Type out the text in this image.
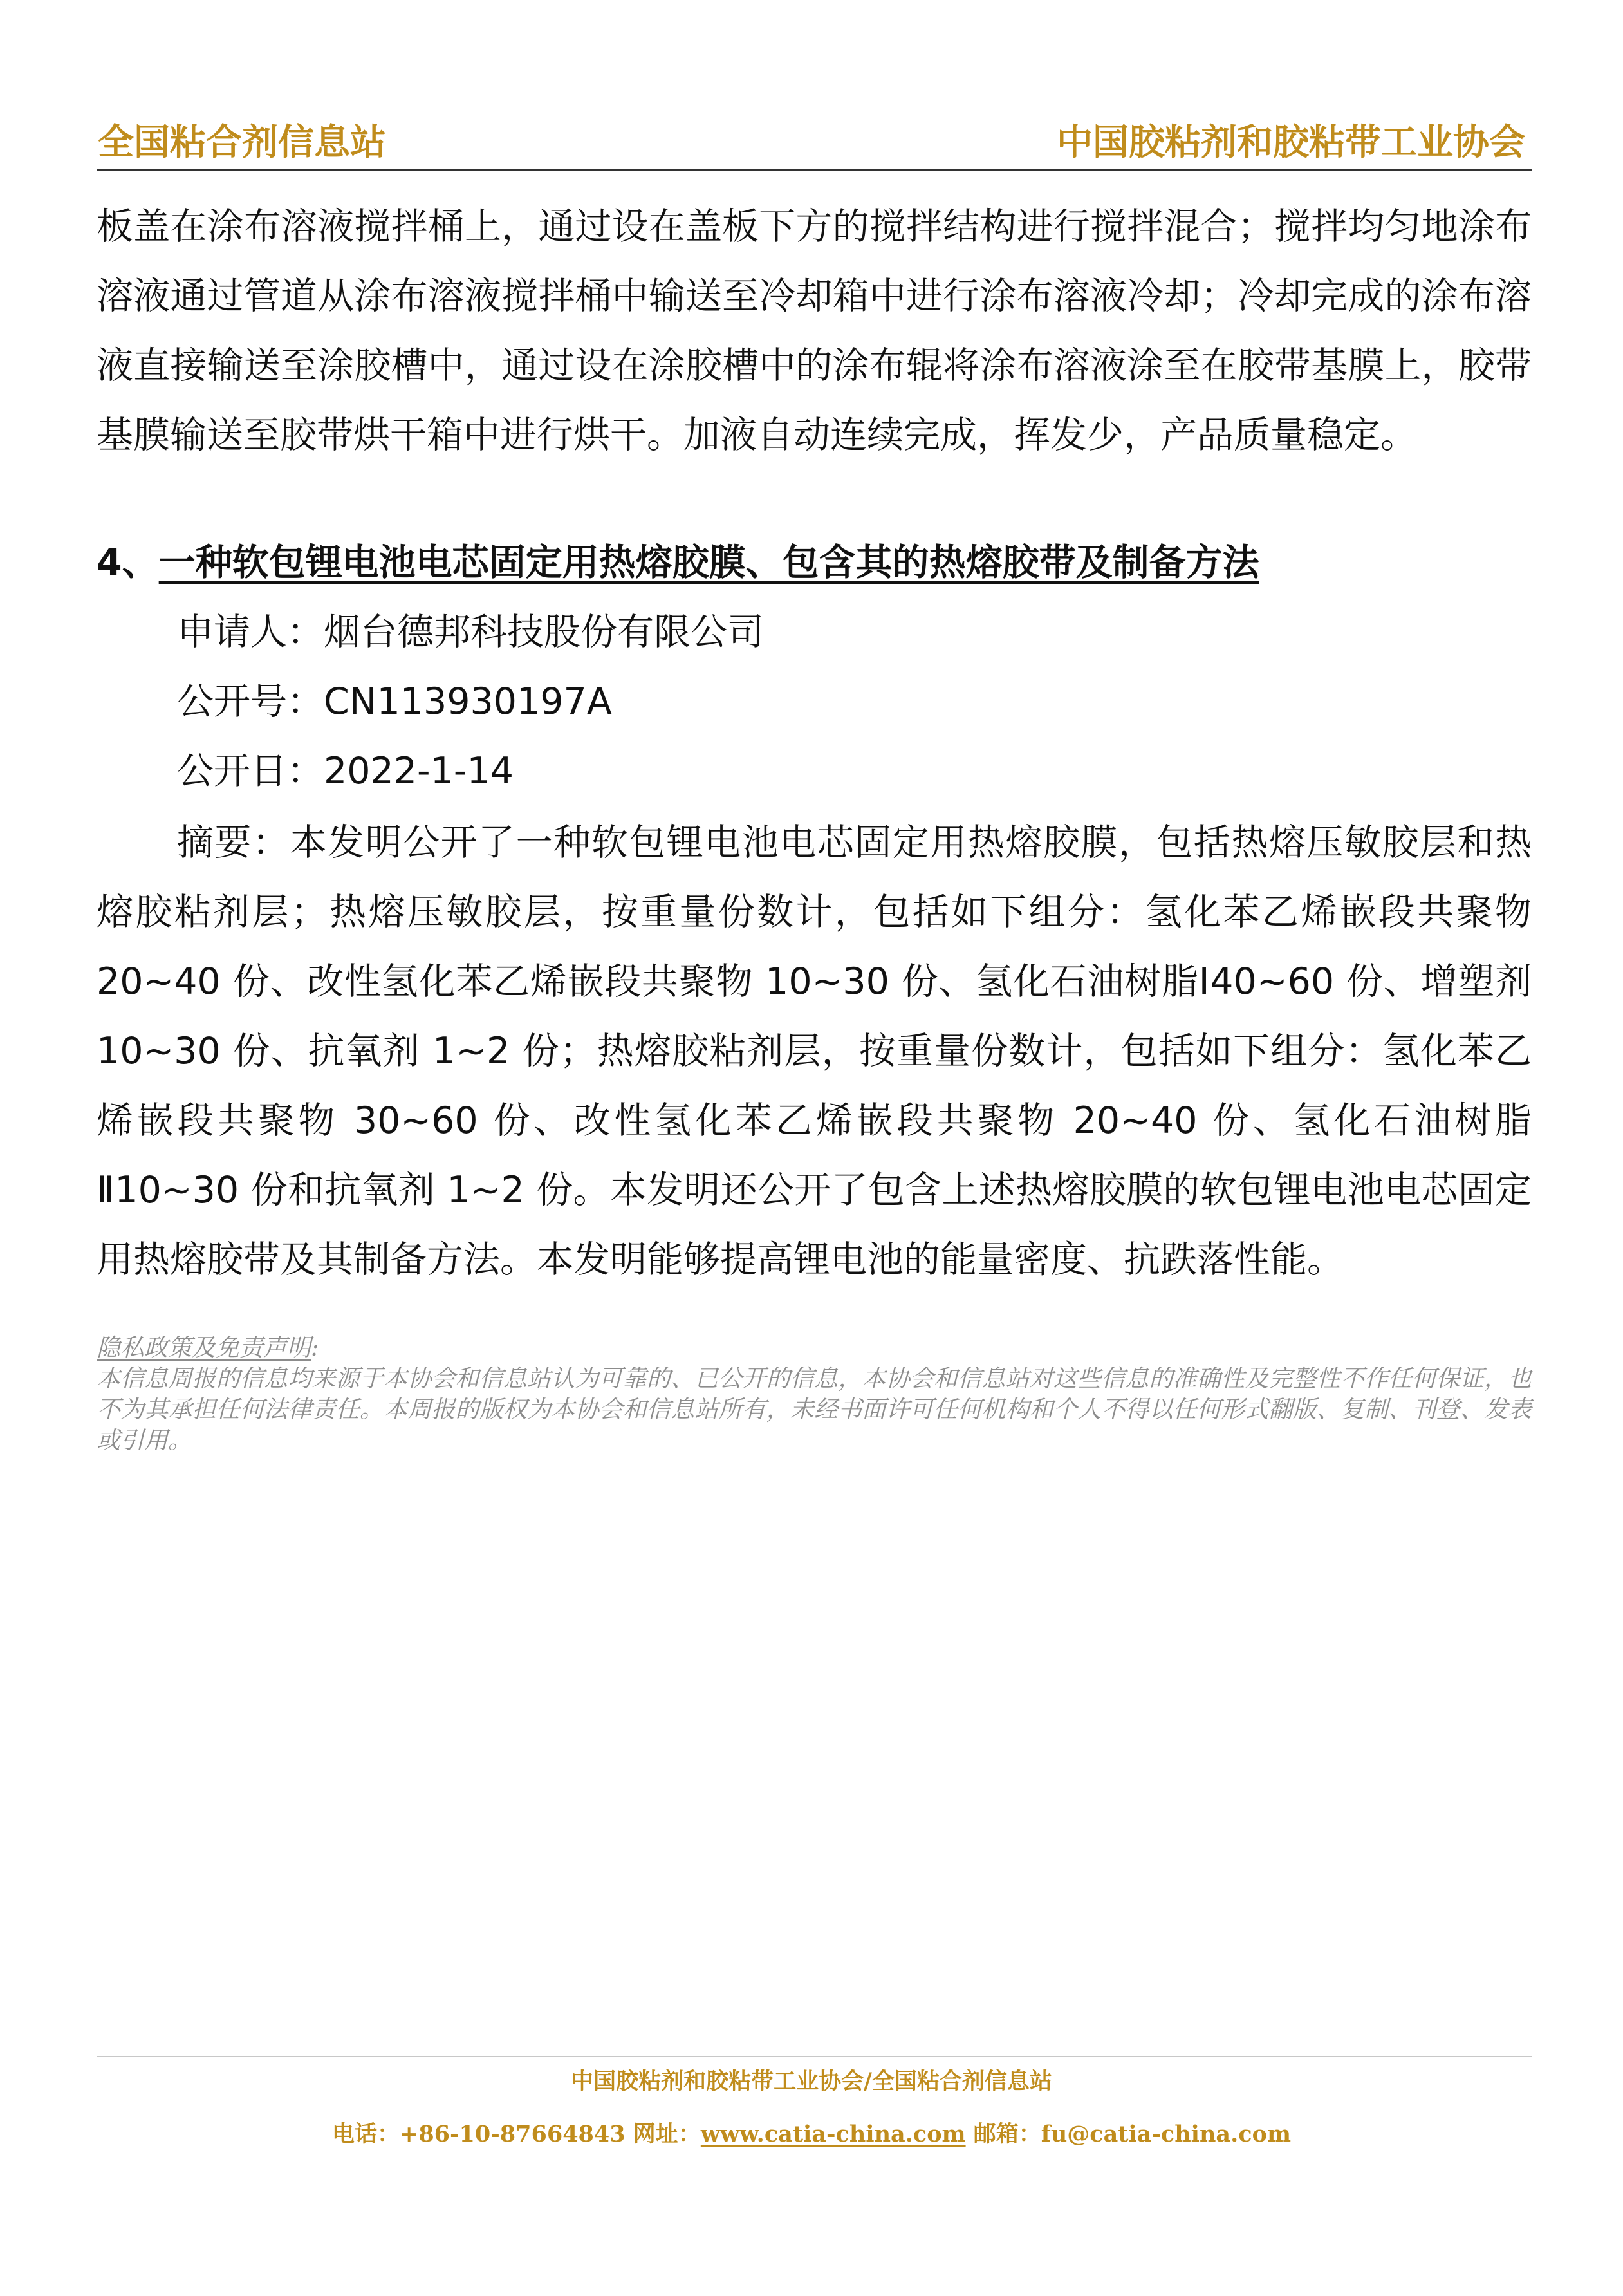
全国粘合剂信息站	中国胶粘剂和胶粘带工业协会

板盖在涂布溶液搅拌桶上，通过设在盖板下方的搅拌结构进行搅拌混合；搅拌均匀地涂布溶液通过管道从涂布溶液搅拌桶中输送至冷却箱中进行涂布溶液冷却；冷却完成的涂布溶液直接输送至涂胶槽中，通过设在涂胶槽中的涂布辊将涂布溶液涂至在胶带基膜上，胶带基膜输送至胶带烘干箱中进行烘干。加液自动连续完成，挥发少，产品质量稳定。

4、一种软包锂电池电芯固定用热熔胶膜、包含其的热熔胶带及制备方法
申请人：烟台德邦科技股份有限公司
公开号：CN113930197A
公开日：2022-1-14

摘要：本发明公开了一种软包锂电池电芯固定用热熔胶膜，包括热熔压敏胶层和热熔胶粘剂层；热熔压敏胶层，按重量份数计，包括如下组分：氢化苯乙烯嵌段共聚物 20~40 份、改性氢化苯乙烯嵌段共聚物 10~30 份、氢化石油树脂Ⅰ40~60 份、增塑剂 10~30 份、抗氧剂 1~2 份；热熔胶粘剂层，按重量份数计，包括如下组分：氢化苯乙烯嵌段共聚物 30~60 份、改性氢化苯乙烯嵌段共聚物 20~40 份、氢化石油树脂Ⅱ10~30 份和抗氧剂 1~2 份。本发明还公开了包含上述热熔胶膜的软包锂电池电芯固定用热熔胶带及其制备方法。本发明能够提高锂电池的能量密度、抗跌落性能。

隐私政策及免责声明:

本信息周报的信息均来源于本协会和信息站认为可靠的、已公开的信息，本协会和信息站对这些信息的准确性及完整性不作任何保证，也不为其承担任何法律责任。本周报的版权为本协会和信息站所有，未经书面许可任何机构和个人不得以任何形式翻版、复制、刊登、发表或引用。

中国胶粘剂和胶粘带工业协会/全国粘合剂信息站
电话：+86-10-87664843 网址：www.catia-china.com 邮箱：fu@catia-china.com
